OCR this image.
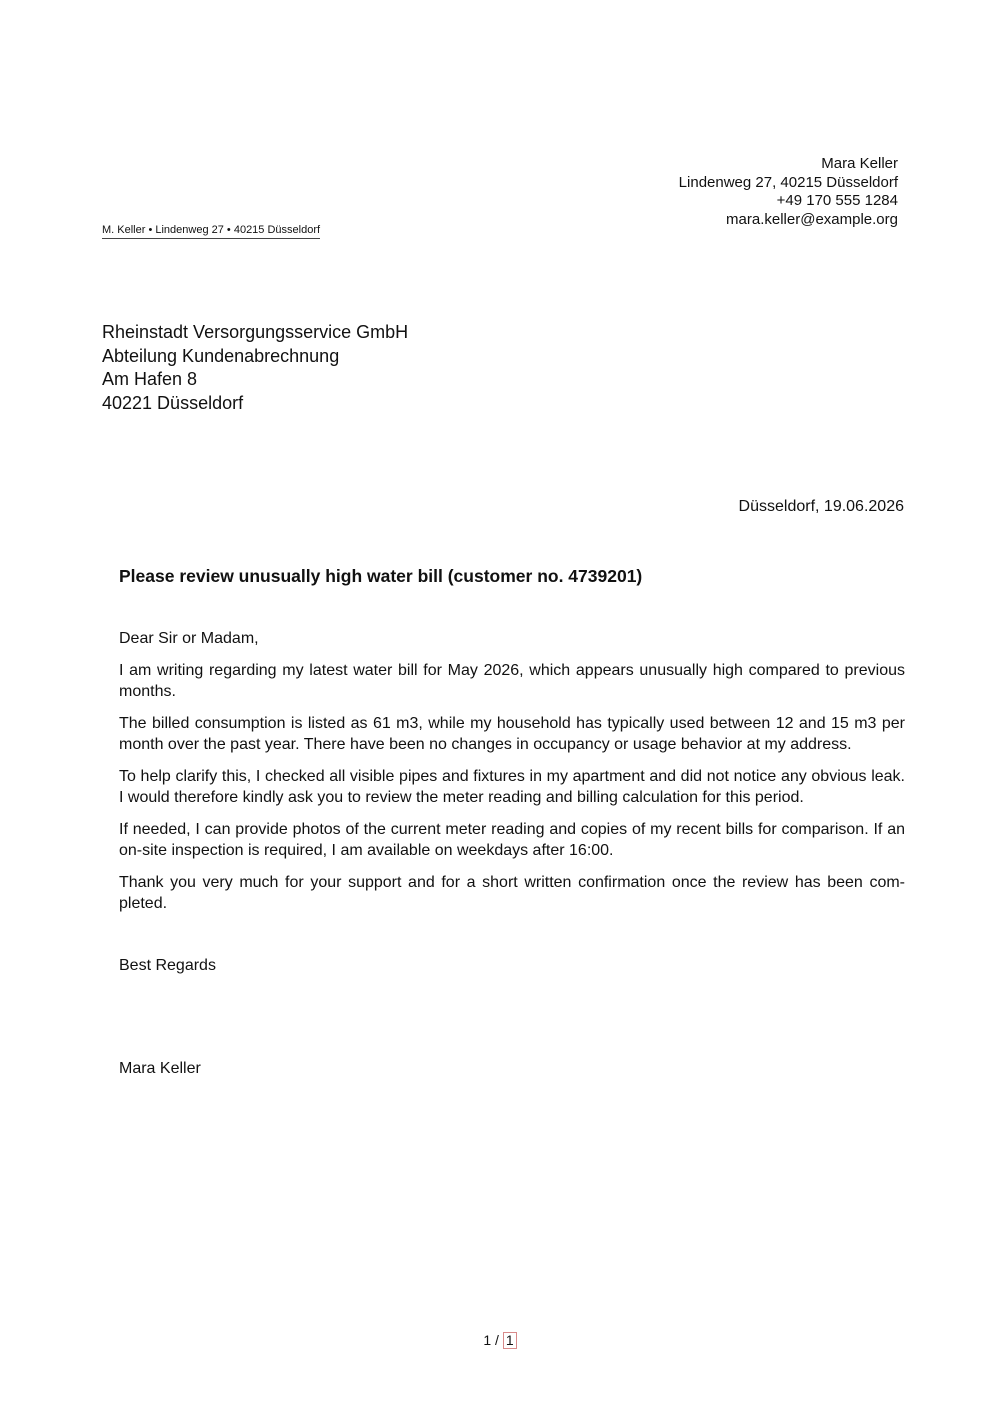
Mara Keller
Lindenweg 27, 40215 Düsseldorf
+49 170 555 1284
mara.keller@example.org
M. Keller • Lindenweg 27 • 40215 Düsseldorf
Rheinstadt Versorgungsservice GmbH
Abteilung Kundenabrechnung
Am Hafen 8
40221 Düsseldorf
Düsseldorf, 19.06.2026
Please review unusually high water bill (customer no. 4739201)

Dear Sir or Madam,

I am writing regarding my latest water bill for May 2026, which appears unusually high compared to previous months.

The billed consumption is listed as 61 m3, while my household has typically used between 12 and 15 m3 per month over the past year. There have been no changes in occupancy or usage behavior at my address.

To help clarify this, I checked all visible pipes and fixtures in my apartment and did not notice any obvious leak. I would therefore kindly ask you to review the meter reading and billing calculation for this period.

If needed, I can provide photos of the current meter reading and copies of my recent bills for comparison. If an on-site inspection is required, I am available on weekdays after 16:00.

Thank you very much for your support and for a short written confirmation once the review has been completed.

Best Regards
Mara Keller
1 / 1
